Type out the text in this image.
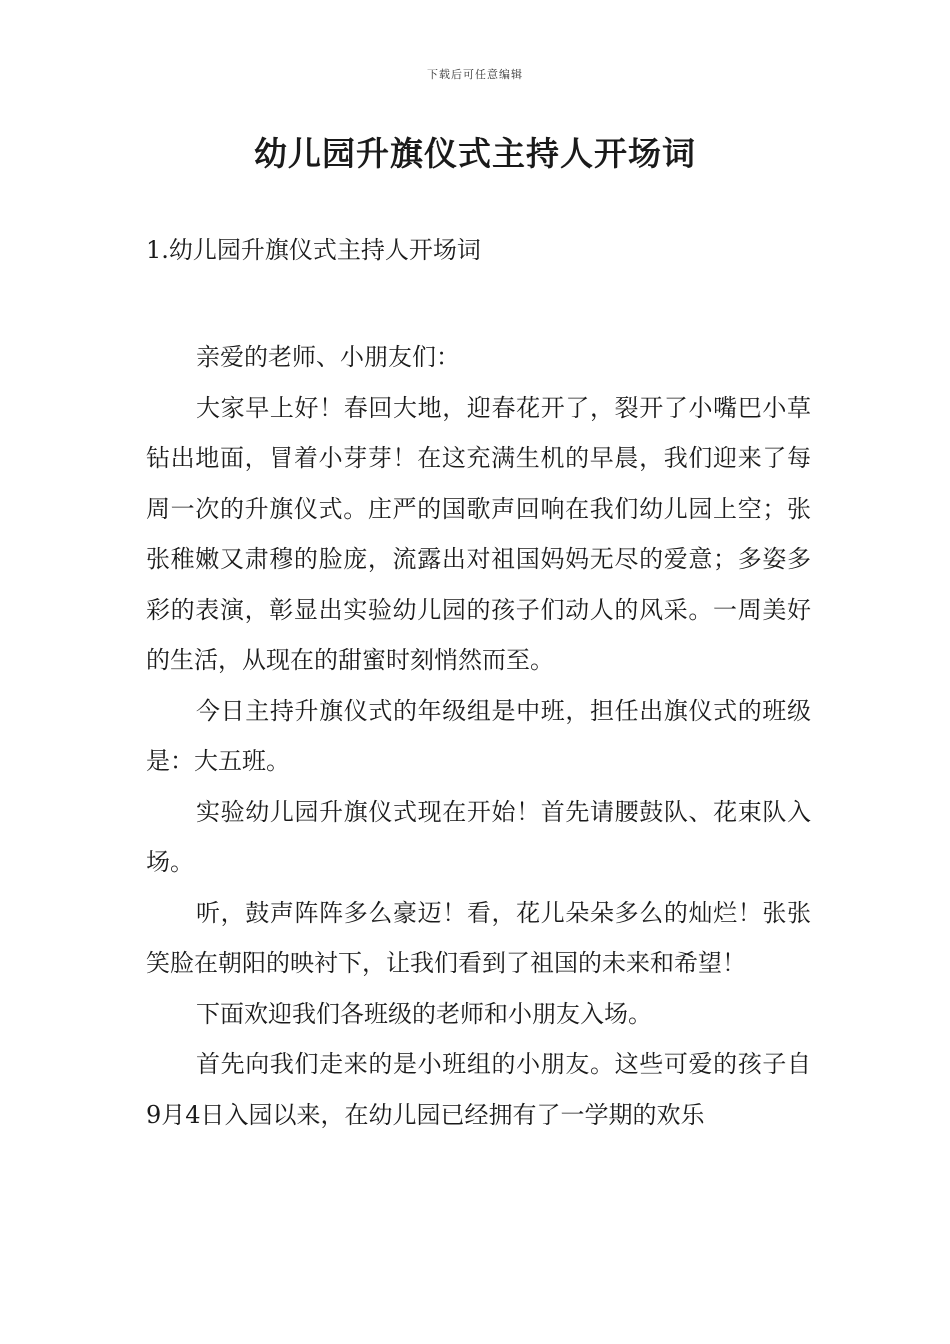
下载后可任意编辑
幼儿园升旗仪式主持人开场词
1.幼儿园升旗仪式主持人开场词

亲爱的老师、小朋友们：

大家早上好！春回大地，迎春花开了，裂开了小嘴巴小草钻出地面，冒着小芽芽！在这充满生机的早晨，我们迎来了每周一次的升旗仪式。庄严的国歌声回响在我们幼儿园上空；张张稚嫩又肃穆的脸庞，流露出对祖国妈妈无尽的爱意；多姿多彩的表演，彰显出实验幼儿园的孩子们动人的风采。一周美好的生活，从现在的甜蜜时刻悄然而至。

今日主持升旗仪式的年级组是中班，担任出旗仪式的班级是：大五班。

实验幼儿园升旗仪式现在开始！首先请腰鼓队、花束队入场。

听，鼓声阵阵多么豪迈！看，花儿朵朵多么的灿烂！张张笑脸在朝阳的映衬下，让我们看到了祖国的未来和希望！

下面欢迎我们各班级的老师和小朋友入场。

首先向我们走来的是小班组的小朋友。这些可爱的孩子自9月4日入园以来，在幼儿园已经拥有了一学期的欢乐
